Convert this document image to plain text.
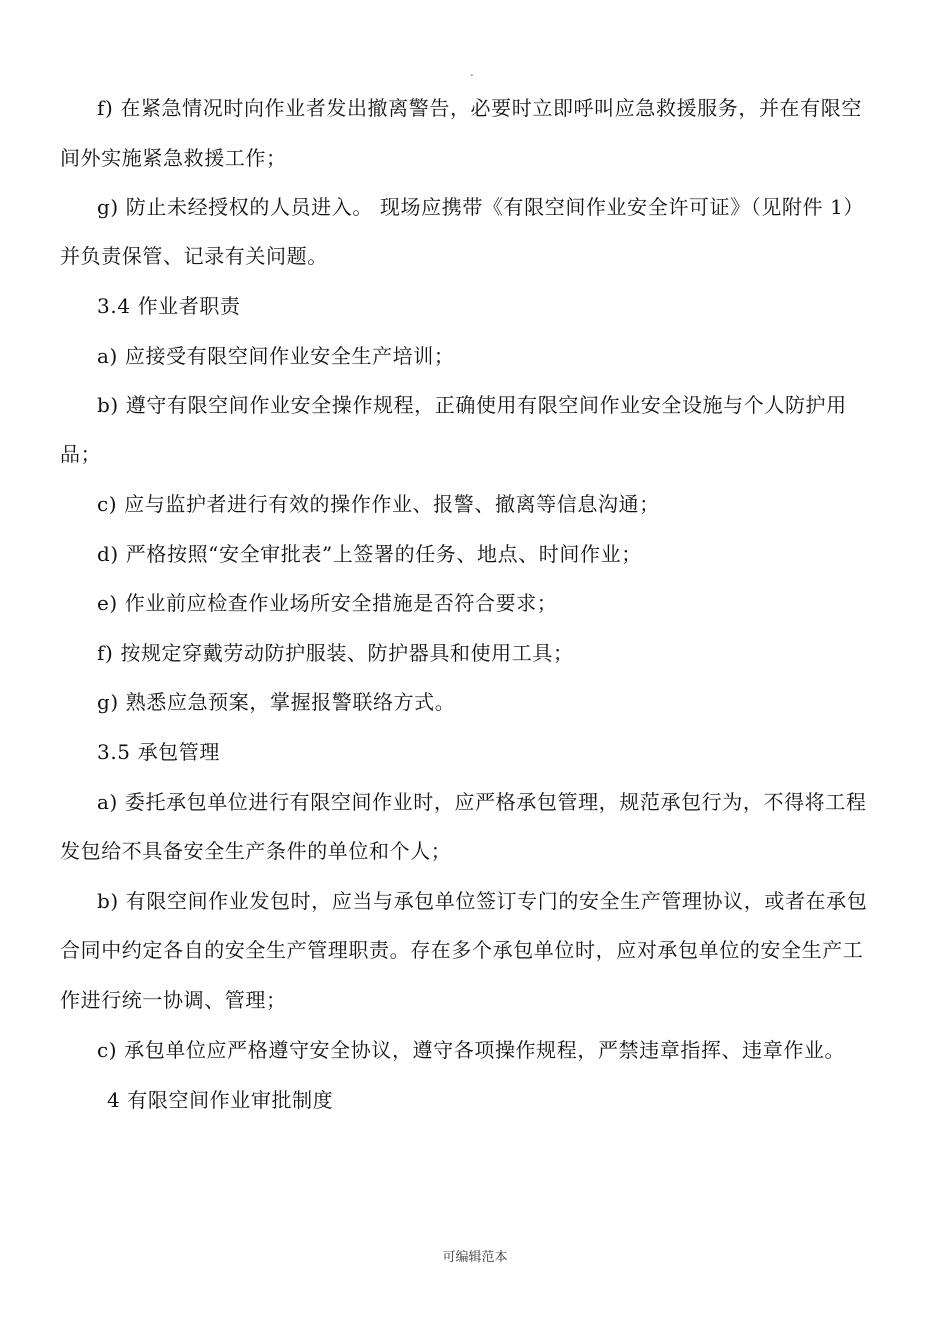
.
f) 在紧急情况时向作业者发出撤离警告，必要时立即呼叫应急救援服务，并在有限空
间外实施紧急救援工作；
g) 防止未经授权的人员进入。 现场应携带《有限空间作业安全许可证》（见附件 1）
并负责保管、记录有关问题。
3.4 作业者职责
a) 应接受有限空间作业安全生产培训；
b) 遵守有限空间作业安全操作规程，正确使用有限空间作业安全设施与个人防护用
品；
c) 应与监护者进行有效的操作作业、报警、撤离等信息沟通；
d) 严格按照“安全审批表”上签署的任务、地点、时间作业；
e) 作业前应检查作业场所安全措施是否符合要求；
f) 按规定穿戴劳动防护服装、防护器具和使用工具；
g) 熟悉应急预案，掌握报警联络方式。
3.5 承包管理
a) 委托承包单位进行有限空间作业时，应严格承包管理，规范承包行为，不得将工程
发包给不具备安全生产条件的单位和个人；
b) 有限空间作业发包时，应当与承包单位签订专门的安全生产管理协议，或者在承包
合同中约定各自的安全生产管理职责。存在多个承包单位时，应对承包单位的安全生产工
作进行统一协调、管理；
c) 承包单位应严格遵守安全协议，遵守各项操作规程，严禁违章指挥、违章作业。
4 有限空间作业审批制度
可编辑范本
